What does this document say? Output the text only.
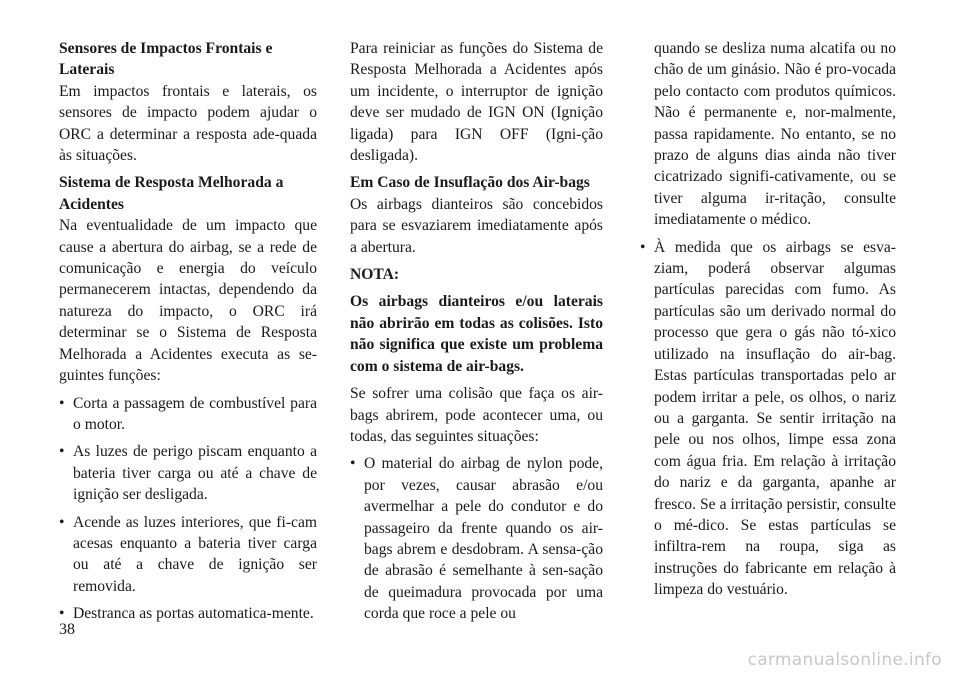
Sensores de Impactos Frontais e Laterais

Em impactos frontais e laterais, os sensores de impacto podem ajudar o ORC a determinar a resposta ade-quada às situações.

Sistema de Resposta Melhorada a Acidentes

Na eventualidade de um impacto que cause a abertura do airbag, se a rede de comunicação e energia do veículo permanecerem intactas, dependendo da natureza do impacto, o ORC irá determinar se o Sistema de Resposta Melhorada a Acidentes executa as se-guintes funções:

• Corta a passagem de combustível para o motor.
• As luzes de perigo piscam enquanto a bateria tiver carga ou até a chave de ignição ser desligada.
• Acende as luzes interiores, que fi-cam acesas enquanto a bateria tiver carga ou até a chave de ignição ser removida.
• Destranca as portas automatica-mente.

Para reiniciar as funções do Sistema de Resposta Melhorada a Acidentes após um incidente, o interruptor de ignição deve ser mudado de IGN ON (Ignição ligada) para IGN OFF (Igni-ção desligada).

Em Caso de Insuflação dos Air-bags

Os airbags dianteiros são concebidos para se esvaziarem imediatamente após a abertura.

NOTA:

Os airbags dianteiros e/ou laterais não abrirão em todas as colisões. Isto não significa que existe um problema com o sistema de air-bags.

Se sofrer uma colisão que faça os air-bags abrirem, pode acontecer uma, ou todas, das seguintes situações:

• O material do airbag de nylon pode, por vezes, causar abrasão e/ou avermelhar a pele do condutor e do passageiro da frente quando os air-bags abrem e desdobram. A sensa-ção de abrasão é semelhante à sen-sação de queimadura provocada por uma corda que roce a pele ou

quando se desliza numa alcatifa ou no chão de um ginásio. Não é pro-vocada pelo contacto com produtos químicos. Não é permanente e, nor-malmente, passa rapidamente. No entanto, se no prazo de alguns dias ainda não tiver cicatrizado signifi-cativamente, ou se tiver alguma ir-ritação, consulte imediatamente o médico.

• À medida que os airbags se esva-ziam, poderá observar algumas partículas parecidas com fumo. As partículas são um derivado normal do processo que gera o gás não tó-xico utilizado na insuflação do air-bag. Estas partículas transportadas pelo ar podem irritar a pele, os olhos, o nariz ou a garganta. Se sentir irritação na pele ou nos olhos, limpe essa zona com água fria. Em relação à irritação do nariz e da garganta, apanhe ar fresco. Se a irritação persistir, consulte o mé-dico. Se estas partículas se infiltra-rem na roupa, siga as instruções do fabricante em relação à limpeza do vestuário.
38
carmanualsonline.info
